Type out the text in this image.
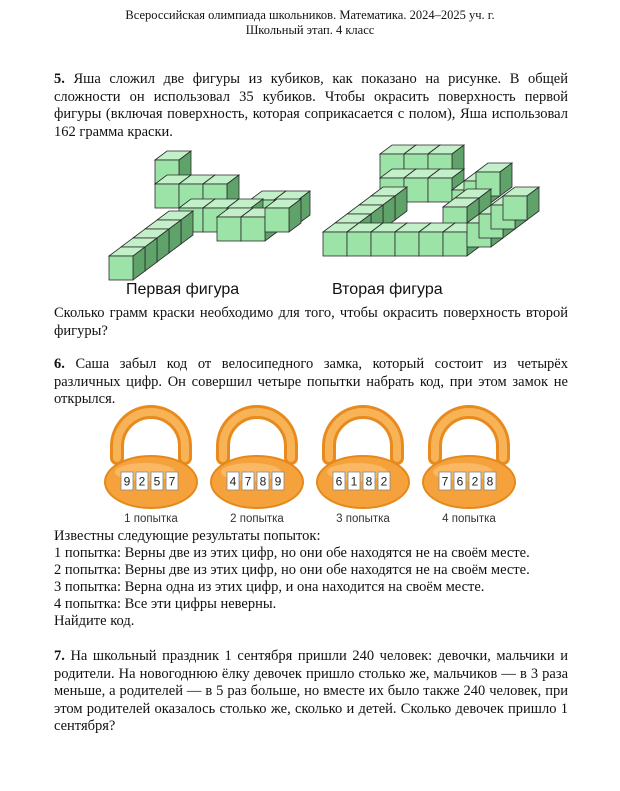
Всероссийская олимпиада школьников. Математика. 2024–2025 уч. г.
Школьный этап. 4 класс
5. Яша сложил две фигуры из кубиков, как показано на рисунке. В общей сложности он использовал 35 кубиков. Чтобы окрасить поверхность первой фигуры (включая поверхность, которая соприкасается с полом), Яша использовал 162 грамма краски.
Первая фигура	Вторая фигура
Сколько грамм краски необходимо для того, чтобы окрасить поверхность второй фигуры?
6. Саша забыл код от велосипедного замка, который состоит из четырёх различных цифр. Он совершил четыре попытки набрать код, при этом замок не открылся.
9 2 5 7	4 7 8 9	6 1 8 2	7 6 2 8
1 попытка	2 попытка	3 попытка	4 попытка
Известны следующие результаты попыток:
1 попытка: Верны две из этих цифр, но они обе находятся не на своём месте.
2 попытка: Верны две из этих цифр, но они обе находятся не на своём месте.
3 попытка: Верна одна из этих цифр, и она находится на своём месте.
4 попытка: Все эти цифры неверны.
Найдите код.
7. На школьный праздник 1 сентября пришли 240 человек: девочки, мальчики и родители. На новогоднюю ёлку девочек пришло столько же, мальчиков — в 3 раза меньше, а родителей — в 5 раз больше, но вместе их было также 240 человек, при этом родителей оказалось столько же, сколько и детей. Сколько девочек пришло 1 сентября?
